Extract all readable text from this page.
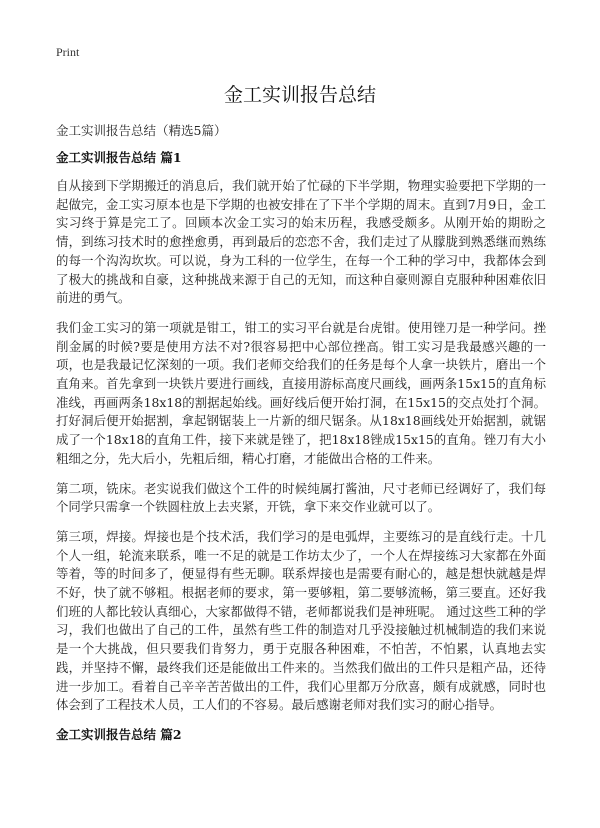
Print
金工实训报告总结
金工实训报告总结（精选5篇）
金工实训报告总结 篇1

自从接到下学期搬迁的消息后，我们就开始了忙碌的下半学期，物理实验要把下学期的一起做完，金工实习原本也是下学期的也被安排在了下半个学期的周末。直到7月9日，金工实习终于算是完工了。回顾本次金工实习的始末历程，我感受颇多。从刚开始的期盼之情，到练习技术时的愈挫愈勇，再到最后的恋恋不舍，我们走过了从朦胧到熟悉继而熟练的每一个沟沟坎坎。可以说，身为工科的一位学生，在每一个工种的学习中，我都体会到了极大的挑战和自豪，这种挑战来源于自己的无知，而这种自豪则源自克服种种困难依旧前进的勇气。

我们金工实习的第一项就是钳工，钳工的实习平台就是台虎钳。使用锉刀是一种学问。挫削金属的时候?要是使用方法不对?很容易把中心部位挫高。钳工实习是我最感兴趣的一项，也是我最记忆深刻的一项。我们老师交给我们的任务是每个人拿一块铁片，磨出一个直角来。首先拿到一块铁片要进行画线，直接用游标高度尺画线，画两条15x15的直角标准线，再画两条18x18的割据起始线。画好线后便开始打洞，在15x15的交点处打个洞。打好洞后便开始据割，拿起钢锯装上一片新的细尺锯条。从18x18画线处开始据割，就锯成了一个18x18的直角工件，接下来就是锉了，把18x18锉成15x15的直角。锉刀有大小粗细之分，先大后小，先粗后细，精心打磨，才能做出合格的工件来。

第二项，铣床。老实说我们做这个工件的时候纯属打酱油，尺寸老师已经调好了，我们每个同学只需拿一个铁圆柱放上去夹紧，开铣，拿下来交作业就可以了。

第三项，焊接。焊接也是个技术活，我们学习的是电弧焊，主要练习的是直线行走。十几个人一组，轮流来联系，唯一不足的就是工作坊太少了，一个人在焊接练习大家都在外面等着，等的时间多了，便显得有些无聊。联系焊接也是需要有耐心的，越是想快就越是焊不好，快了就不够粗。根据老师的要求，第一要够粗，第二要够流畅，第三要直。还好我们班的人都比较认真细心，大家都做得不错，老师都说我们是神班呢。 通过这些工种的学习，我们也做出了自己的工件，虽然有些工件的制造对几乎没接触过机械制造的我们来说是一个大挑战，但只要我们肯努力，勇于克服各种困难，不怕苦，不怕累，认真地去实践，并坚持不懈，最终我们还是能做出工件来的。当然我们做出的工件只是粗产品，还待进一步加工。看着自己辛辛苦苦做出的工件，我们心里都万分欣喜，颇有成就感，同时也体会到了工程技术人员，工人们的不容易。最后感谢老师对我们实习的耐心指导。

金工实训报告总结 篇2
